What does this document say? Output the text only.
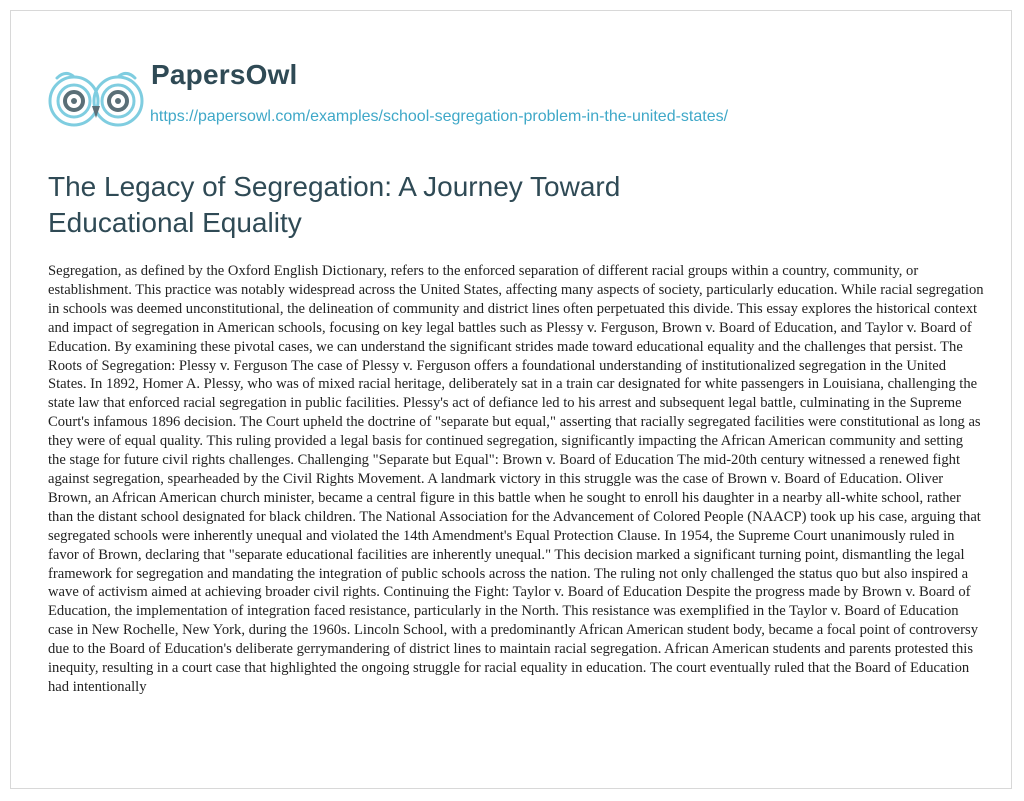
PapersOwl
https://papersowl.com/examples/school-segregation-problem-in-the-united-states/
The Legacy of Segregation: A Journey Toward Educational Equality

Segregation, as defined by the Oxford English Dictionary, refers to the enforced separation of different racial groups within a country, community, or establishment. This practice was notably widespread across the United States, affecting many aspects of society, particularly education. While racial segregation in schools was deemed unconstitutional, the delineation of community and district lines often perpetuated this divide. This essay explores the historical context and impact of segregation in American schools, focusing on key legal battles such as Plessy v. Ferguson, Brown v. Board of Education, and Taylor v. Board of Education. By examining these pivotal cases, we can understand the significant strides made toward educational equality and the challenges that persist. The Roots of Segregation: Plessy v. Ferguson The case of Plessy v. Ferguson offers a foundational understanding of institutionalized segregation in the United States. In 1892, Homer A. Plessy, who was of mixed racial heritage, deliberately sat in a train car designated for white passengers in Louisiana, challenging the state law that enforced racial segregation in public facilities. Plessy's act of defiance led to his arrest and subsequent legal battle, culminating in the Supreme Court's infamous 1896 decision. The Court upheld the doctrine of "separate but equal," asserting that racially segregated facilities were constitutional as long as they were of equal quality. This ruling provided a legal basis for continued segregation, significantly impacting the African American community and setting the stage for future civil rights challenges. Challenging "Separate but Equal": Brown v. Board of Education The mid-20th century witnessed a renewed fight against segregation, spearheaded by the Civil Rights Movement. A landmark victory in this struggle was the case of Brown v. Board of Education. Oliver Brown, an African American church minister, became a central figure in this battle when he sought to enroll his daughter in a nearby all-white school, rather than the distant school designated for black children. The National Association for the Advancement of Colored People (NAACP) took up his case, arguing that segregated schools were inherently unequal and violated the 14th Amendment's Equal Protection Clause. In 1954, the Supreme Court unanimously ruled in favor of Brown, declaring that "separate educational facilities are inherently unequal." This decision marked a significant turning point, dismantling the legal framework for segregation and mandating the integration of public schools across the nation. The ruling not only challenged the status quo but also inspired a wave of activism aimed at achieving broader civil rights. Continuing the Fight: Taylor v. Board of Education Despite the progress made by Brown v. Board of Education, the implementation of integration faced resistance, particularly in the North. This resistance was exemplified in the Taylor v. Board of Education case in New Rochelle, New York, during the 1960s. Lincoln School, with a predominantly African American student body, became a focal point of controversy due to the Board of Education's deliberate gerrymandering of district lines to maintain racial segregation. African American students and parents protested this inequity, resulting in a court case that highlighted the ongoing struggle for racial equality in education. The court eventually ruled that the Board of Education had intentionally
